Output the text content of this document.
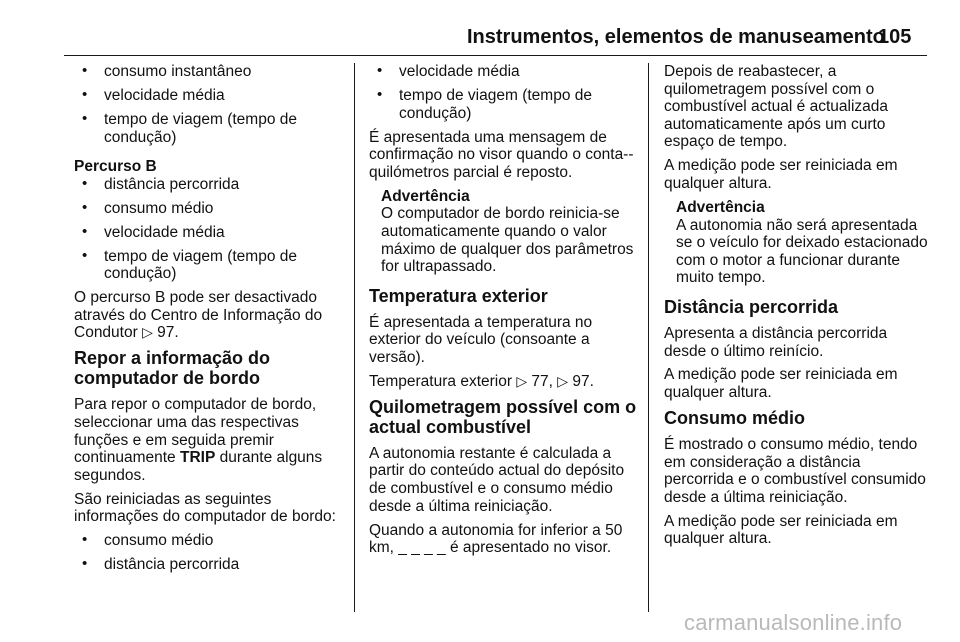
Instrumentos, elementos de manuseamento
105
• consumo instantâneo
• velocidade média
• tempo de viagem (tempo de condução)
Percurso B
• distância percorrida
• consumo médio
• velocidade média
• tempo de viagem (tempo de condução)

O percurso B pode ser desactivado através do Centro de Informação do Condutor ▷ 97.

Repor a informação do computador de bordo

Para repor o computador de bordo, seleccionar uma das respectivas funções e em seguida premir continuamente TRIP durante alguns segundos.

São reiniciadas as seguintes informações do computador de bordo:

• consumo médio
• distância percorrida
• velocidade média
• tempo de viagem (tempo de condução)

É apresentada uma mensagem de confirmação no visor quando o conta--quilómetros parcial é reposto.

Advertência
O computador de bordo reinicia-se automaticamente quando o valor máximo de qualquer dos parâmetros for ultrapassado.
Temperatura exterior

É apresentada a temperatura no exterior do veículo (consoante a versão).

Temperatura exterior ▷ 77, ▷ 97.

Quilometragem possível com o actual combustível

A autonomia restante é calculada a partir do conteúdo actual do depósito de combustível e o consumo médio desde a última reiniciação.

Quando a autonomia for inferior a 50 km, _ _ _ _ é apresentado no visor.

Depois de reabastecer, a quilometragem possível com o combustível actual é actualizada automaticamente após um curto espaço de tempo.

A medição pode ser reiniciada em qualquer altura.

Advertência
A autonomia não será apresentada se o veículo for deixado estacionado com o motor a funcionar durante muito tempo.
Distância percorrida

Apresenta a distância percorrida desde o último reinício.

A medição pode ser reiniciada em qualquer altura.

Consumo médio

É mostrado o consumo médio, tendo em consideração a distância percorrida e o combustível consumido desde a última reiniciação.

A medição pode ser reiniciada em qualquer altura.

carmanualsonline.info
